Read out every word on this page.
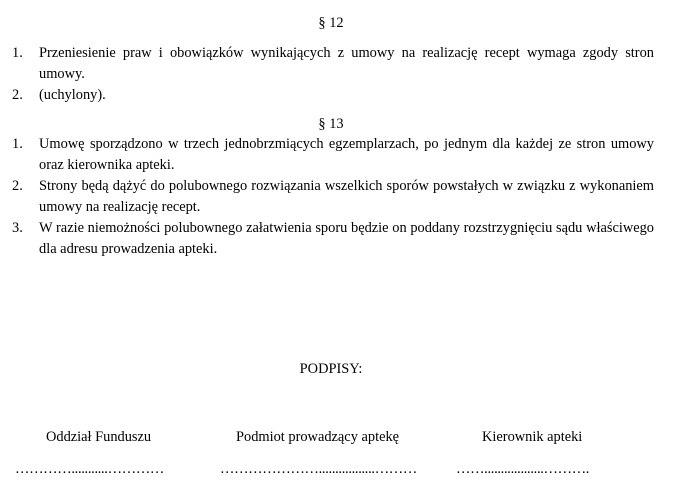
§ 12
1.	Przeniesienie praw i obowiązków wynikających z umowy na realizację recept wymaga zgody stron umowy.
2.	(uchylony).
§ 13
1.	Umowę sporządzono w trzech jednobrzmiących egzemplarzach, po jednym dla każdej ze stron umowy oraz kierownika apteki.
2.	Strony będą dążyć do polubownego rozwiązania wszelkich sporów powstałych w związku z wykonaniem umowy na realizację recept.
3.	W razie niemożności polubownego załatwienia sporu będzie on poddany rozstrzygnięciu sądu właściwego dla adresu prowadzenia apteki.
PODPISY:
Oddział Funduszu	Podmiot prowadzący aptekę	Kierownik apteki
…………...........…………	………………….................………	……..................……….
